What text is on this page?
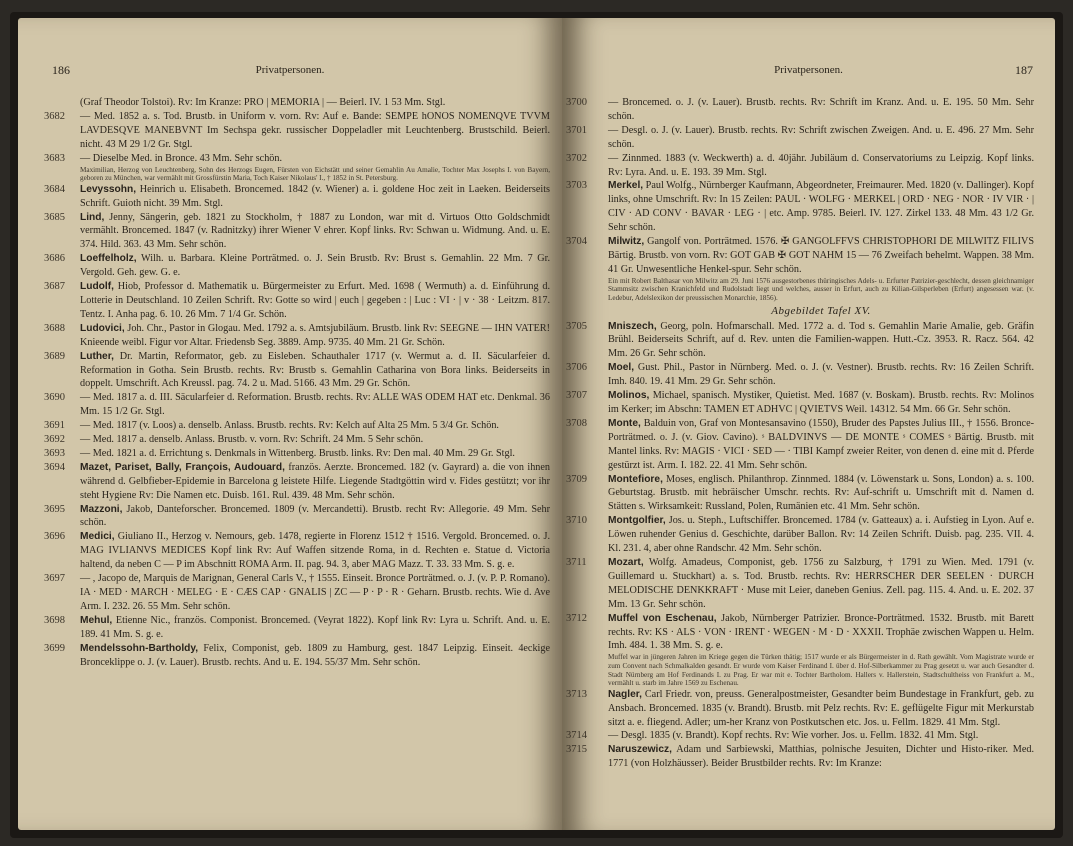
186	Privatpersonen.
(Graf Theodor Tolstoi). Rv: Im Kranze: PRO | MEMORIA | — Beierl. IV. 1 53 Mm. Stgl.
3682	— Med. 1852 a. s. Tod. Brustb. in Uniform v. vorn. Rv: Auf e. Bande: SEMPE hONOS NOMENQVE TVVM LAVDESQVE MANEBVNT Im Sechspa gekr. russischer Doppeladler mit Leuchtenberg. Brustschild. Beierl. nicht. 43 M 29 1/2 Gr. Stgl.
3683	— Dieselbe Med. in Bronce. 43 Mm. Sehr schön.
Maximilian, Herzog von Leuchtenberg, Sohn des Herzogs Eugen, Fürsten von Eichstätt und seiner Gemahlin Au Amalie, Tochter Max Josephs I. von Bayern, geboren zu München, war vermählt mit Grossfürstin Maria, Toch Kaiser Nikolaus' I., † 1852 in St. Petersburg.
3684	Levyssohn, Heinrich u. Elisabeth. Broncemed. 1842 (v. Wiener) a. i. goldene Hoc zeit in Laeken. Beiderseits Schrift. Guioth nicht. 39 Mm. Stgl.
3685	Lind, Jenny, Sängerin, geb. 1821 zu Stockholm, † 1887 zu London, war mit d. Virtuos Otto Goldschmidt vermählt. Broncemed. 1847 (v. Radnitzky) ihrer Wiener V ehrer. Kopf links. Rv: Schwan u. Widmung. And. u. E. 374. Hild. 363. 43 Mm. Sehr schön.
3686	Loeffelholz, Wilh. u. Barbara. Kleine Porträtmed. o. J. Sein Brustb. Rv: Brust s. Gemahlin. 22 Mm. 7 Gr. Vergold. Geh. gew. G. e.
3687	Ludolf, Hiob, Professor d. Mathematik u. Bürgermeister zu Erfurt. Med. 1698 ( Wermuth) a. d. Einführung d. Lotterie in Deutschland. 10 Zeilen Schrift. Rv: Gotte so wird | euch | gegeben : | Luc : VI · | v · 38 · Leitzm. 817. Tentz. I. Anha pag. 6. 10. 26 Mm. 7 1/4 Gr. Schön.
3688	Ludovici, Joh. Chr., Pastor in Glogau. Med. 1792 a. s. Amtsjubiläum. Brustb. link Rv: SEEGNE — IHN VATER! Knieende weibl. Figur vor Altar. Friedensb Seg. 3889. Amp. 9735. 40 Mm. 21 Gr. Schön.
3689	Luther, Dr. Martin, Reformator, geb. zu Eisleben. Schauthaler 1717 (v. Wermut a. d. II. Säcularfeier d. Reformation in Gotha. Sein Brustb. rechts. Rv: Brustb s. Gemahlin Catharina von Bora links. Beiderseits in doppelt. Umschrift. Ach Kreussl. pag. 74. 2 u. Mad. 5166. 43 Mm. 29 Gr. Schön.
3690	— Med. 1817 a. d. III. Säcularfeier d. Reformation. Brustb. rechts. Rv: ALLE WAS ODEM HAT etc. Denkmal. 36 Mm. 15 1/2 Gr. Stgl.
3691	— Med. 1817 (v. Loos) a. denselb. Anlass. Brustb. rechts. Rv: Kelch auf Alta 25 Mm. 5 3/4 Gr. Schön.
3692	— Med. 1817 a. denselb. Anlass. Brustb. v. vorn. Rv: Schrift. 24 Mm. 5 Sehr schön.
3693	— Med. 1821 a. d. Errichtung s. Denkmals in Wittenberg. Brustb. links. Rv: Den mal. 40 Mm. 29 Gr. Stgl.
3694	Mazet, Pariset, Bally, François, Audouard, französ. Aerzte. Broncemed. 182 (v. Gayrard) a. die von ihnen während d. Gelbfieber-Epidemie in Barcelona g leistete Hilfe. Liegende Stadtgöttin wird v. Fides gestützt; vor ihr steht Hygiene Rv: Die Namen etc. Duisb. 161. Rul. 439. 48 Mm. Sehr schön.
3695	Mazzoni, Jakob, Danteforscher. Broncemed. 1809 (v. Mercandetti). Brustb. recht Rv: Allegorie. 49 Mm. Sehr schön.
3696	Medici, Giuliano II., Herzog v. Nemours, geb. 1478, regierte in Florenz 1512 † 1516. Vergold. Broncemed. o. J. MAG IVLIANVS MEDICES Kopf link Rv: Auf Waffen sitzende Roma, in d. Rechten e. Statue d. Victoria haltend, da neben C — P im Abschnitt ROMA Arm. II. pag. 94. 3, aber MAG Mazz. T. 33. 33 Mm. S. g. e.
3697	— , Jacopo de, Marquis de Marignan, General Carls V., † 1555. Einseit. Bronce Porträtmed. o. J. (v. P. P. Romano). IA · MED · MARCH · MELEG · E · CÆS CAP · GNALIS | ZC — P · P · R · Geharn. Brustb. rechts. Wie d. Ave Arm. I. 232. 26. 55 Mm. Sehr schön.
3698	Mehul, Etienne Nic., französ. Componist. Broncemed. (Veyrat 1822). Kopf link Rv: Lyra u. Schrift. And. u. E. 189. 41 Mm. S. g. e.
3699	Mendelssohn-Bartholdy, Felix, Componist, geb. 1809 zu Hamburg, gest. 1847 Leipzig. Einseit. 4eckige Bronceklippe o. J. (v. Lauer). Brustb. rechts. And u. E. 194. 55/37 Mm. Sehr schön.
Privatpersonen.	187
3700	— Broncemed. o. J. (v. Lauer). Brustb. rechts. Rv: Schrift im Kranz. And. u. E. 195. 50 Mm. Sehr schön.
3701	— Desgl. o. J. (v. Lauer). Brustb. rechts. Rv: Schrift zwischen Zweigen. And. u. E. 496. 27 Mm. Sehr schön.
3702	— Zinnmed. 1883 (v. Weckwerth) a. d. 40jähr. Jubiläum d. Conservatoriums zu Leipzig. Kopf links. Rv: Lyra. And. u. E. 193. 39 Mm. Stgl.
3703	Merkel, Paul Wolfg., Nürnberger Kaufmann, Abgeordneter, Freimaurer. Med. 1820 (v. Dallinger). Kopf links, ohne Umschrift. Rv: In 15 Zeilen: PAUL · WOLFG · MERKEL | ORD · NEG · NOR · IV VIR · | CIV · AD CONV · BAVAR · LEG · | etc. Amp. 9785. Beierl. IV. 127. Zirkel 133. 48 Mm. 43 1/2 Gr. Sehr schön.
3704	Milwitz, Gangolf von. Porträtmed. 1576. ✠ GANGOLFFVS CHRISTOPHORI DE MILWITZ FILIVS Bärtig. Brustb. von vorn. Rv: GOT GAB ✠ GOT NAHM 15 — 76 Zweifach behelmt. Wappen. 38 Mm. 41 Gr. Unwesentliche Henkel-spur. Sehr schön.
Ein mit Robert Balthasar von Milwitz am 29. Juni 1576 ausgestorbenes thüringisches Adels- u. Erfurter Patrizier-geschlecht, dessen gleichnamiger Stammsitz zwischen Kranichfeld und Rudolstadt liegt und welches, ausser in Erfurt, auch zu Kilian-Gilsperleben (Erfurt) angesessen war. (v. Ledebur, Adelslexikon der preussischen Monarchie, 1856).
Abgebildet Tafel XV.
3705	Mniszech, Georg, poln. Hofmarschall. Med. 1772 a. d. Tod s. Gemahlin Marie Amalie, geb. Gräfin Brühl. Beiderseits Schrift, auf d. Rev. unten die Familien-wappen. Hutt.-Cz. 3953. R. Racz. 564. 42 Mm. 26 Gr. Sehr schön.
3706	Moel, Gust. Phil., Pastor in Nürnberg. Med. o. J. (v. Vestner). Brustb. rechts. Rv: 16 Zeilen Schrift. Imh. 840. 19. 41 Mm. 29 Gr. Sehr schön.
3707	Molinos, Michael, spanisch. Mystiker, Quietist. Med. 1687 (v. Boskam). Brustb. rechts. Rv: Molinos im Kerker; im Abschn: TAMEN ET ADHVC | QVIETVS Weil. 14312. 54 Mm. 66 Gr. Sehr schön.
3708	Monte, Balduin von, Graf von Montesansavino (1550), Bruder des Papstes Julius III., † 1556. Bronce-Porträtmed. o. J. (v. Giov. Cavino). ˢ BALDVINVS — DE MONTE ˢ COMES ˢ Bärtig. Brustb. mit Mantel links. Rv: MAGIS · VICI · SED — · TIBI Kampf zweier Reiter, von denen d. eine mit d. Pferde gestürzt ist. Arm. I. 182. 22. 41 Mm. Sehr schön.
3709	Montefiore, Moses, englisch. Philanthrop. Zinnmed. 1884 (v. Löwenstark u. Sons, London) a. s. 100. Geburtstag. Brustb. mit hebräischer Umschr. rechts. Rv: Auf-schrift u. Umschrift mit d. Namen d. Stätten s. Wirksamkeit: Russland, Polen, Rumänien etc. 41 Mm. Sehr schön.
3710	Montgolfier, Jos. u. Steph., Luftschiffer. Broncemed. 1784 (v. Gatteaux) a. i. Aufstieg in Lyon. Auf e. Löwen ruhender Genius d. Geschichte, darüber Ballon. Rv: 14 Zeilen Schrift. Duisb. pag. 235. VII. 4. Kl. 231. 4, aber ohne Randschr. 42 Mm. Sehr schön.
3711	Mozart, Wolfg. Amadeus, Componist, geb. 1756 zu Salzburg, † 1791 zu Wien. Med. 1791 (v. Guillemard u. Stuckhart) a. s. Tod. Brustb. rechts. Rv: HERRSCHER DER SEELEN · DURCH MELODISCHE DENKKRAFT · Muse mit Leier, daneben Genius. Zell. pag. 115. 4. And. u. E. 202. 37 Mm. 13 Gr. Sehr schön.
3712	Muffel von Eschenau, Jakob, Nürnberger Patrizier. Bronce-Porträtmed. 1532. Brustb. mit Barett rechts. Rv: KS · ALS · VON · IRENT · WEGEN · M · D · XXXII. Trophäe zwischen Wappen u. Helm. Imh. 484. 1. 38 Mm. S. g. e.
Muffel war in jüngeren Jahren im Kriege gegen die Türken thätig; 1517 wurde er als Bürgermeister in d. Rath gewählt. Vom Magistrate wurde er zum Convent nach Schmalkalden gesandt. Er wurde vom Kaiser Ferdinand I. über d. Hof-Silberkammer zu Prag gesetzt u. war auch Gesandter d. Stadt Nürnberg am Hof Ferdinands I. zu Prag. Er war mit e. Tochter Bartholom. Hallers v. Hallerstein, Stadtschultheiss von Frankfurt a. M., vermählt u. starb im Jahre 1569 zu Eschenau.
3713	Nagler, Carl Friedr. von, preuss. Generalpostmeister, Gesandter beim Bundestage in Frankfurt, geb. zu Ansbach. Broncemed. 1835 (v. Brandt). Brustb. mit Pelz rechts. Rv: E. geflügelte Figur mit Merkurstab sitzt a. e. fliegend. Adler; um-her Kranz von Postkutschen etc. Jos. u. Fellm. 1829. 41 Mm. Stgl.
3714	— Desgl. 1835 (v. Brandt). Kopf rechts. Rv: Wie vorher. Jos. u. Fellm. 1832. 41 Mm. Stgl.
3715	Naruszewicz, Adam und Sarbiewski, Matthias, polnische Jesuiten, Dichter und Histo-riker. Med. 1771 (von Holzhäusser). Beider Brustbilder rechts. Rv: Im Kranze:
